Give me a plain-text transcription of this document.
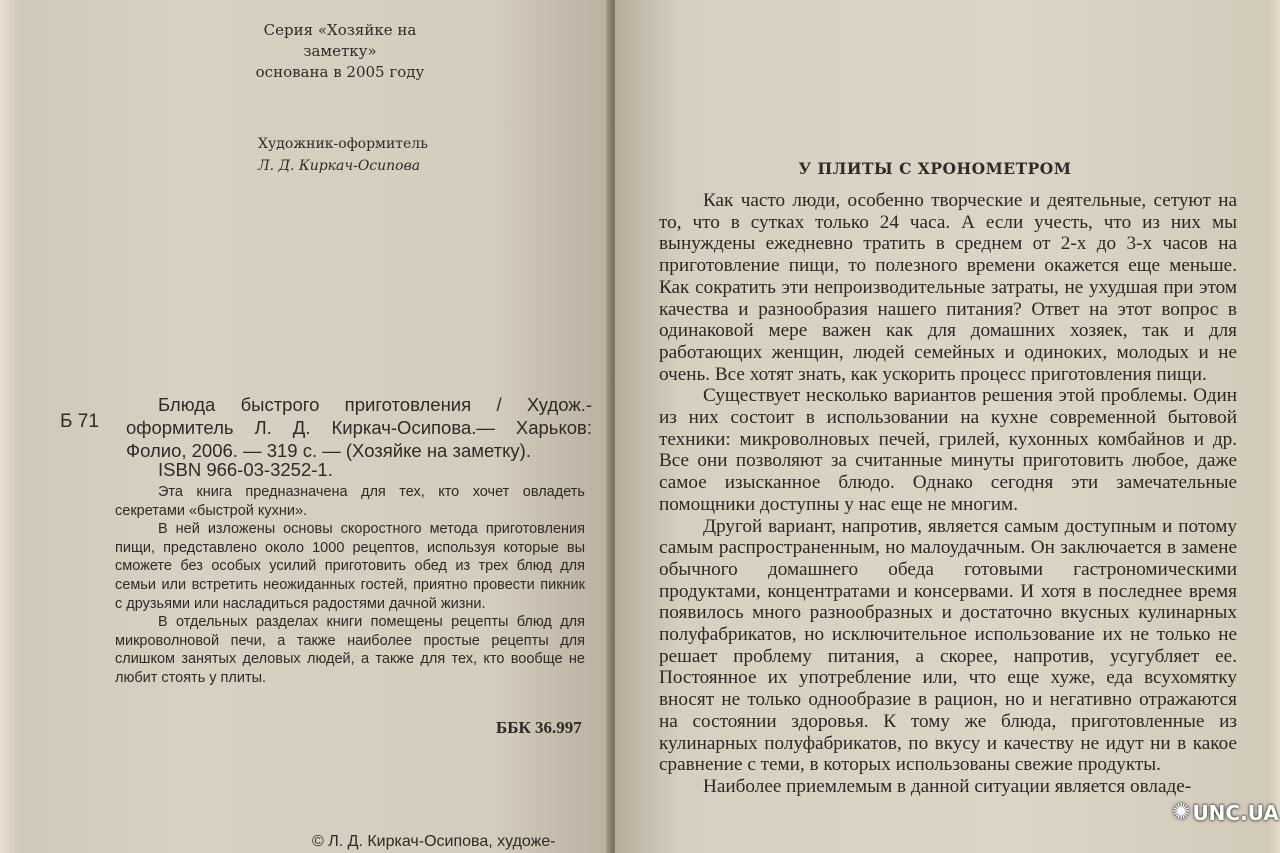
Серия «Хозяйке на заметку»
основана в 2005 году
Художник-оформитель
Л. Д. Киркач-Осипова
Б 71

Блюда быстрого приготовления / Худож.-оформитель Л. Д. Киркач-Осипова.— Харьков: Фолио, 2006. — 319 с. — (Хозяйке на заметку).

ISBN 966-03-3252-1.

Эта книга предназначена для тех, кто хочет овладеть секретами «быстрой кухни».

В ней изложены основы скоростного метода приготовления пищи, представлено около 1000 рецептов, используя которые вы сможете без особых усилий приготовить обед из трех блюд для семьи или встретить неожиданных гостей, приятно провести пикник с друзьями или насладиться радостями дачной жизни.

В отдельных разделах книги помещены рецепты блюд для микроволновой печи, а также наиболее простые рецепты для слишком занятых деловых людей, а также для тех, кто вообще не любит стоять у плиты.

ББК 36.997
© Л. Д. Киркач-Осипова, художе-
У ПЛИТЫ С ХРОНОМЕТРОМ

Как часто люди, особенно творческие и деятельные, сетуют на то, что в сутках только 24 часа. А если учесть, что из них мы вынуждены ежедневно тратить в среднем от 2-х до 3-х часов на приготовление пищи, то полезного времени окажется еще меньше. Как сократить эти непроизводительные затраты, не ухудшая при этом качества и разнообразия нашего питания? Ответ на этот вопрос в одинаковой мере важен как для домашних хозяек, так и для работающих женщин, людей семейных и одиноких, молодых и не очень. Все хотят знать, как ускорить процесс приготовления пищи.

Существует несколько вариантов решения этой проблемы. Один из них состоит в использовании на кухне современной бытовой техники: микроволновых печей, грилей, кухонных комбайнов и др. Все они позволяют за считанные минуты приготовить любое, даже самое изысканное блюдо. Однако сегодня эти замечательные помощники доступны у нас еще не многим.

Другой вариант, напротив, является самым доступным и потому самым распространенным, но малоудачным. Он заключается в замене обычного домашнего обеда готовыми гастрономическими продуктами, концентратами и консервами. И хотя в последнее время появилось много разнообразных и достаточно вкусных кулинарных полуфабрикатов, но исключительное использование их не только не решает проблему питания, а скорее, напротив, усугубляет ее. Постоянное их употребление или, что еще хуже, еда всухомятку вносят не только однообразие в рацион, но и негативно отражаются на состоянии здоровья. К тому же блюда, приготовленные из кулинарных полуфабрикатов, по вкусу и качеству не идут ни в какое сравнение с теми, в которых использованы свежие продукты.

Наиболее приемлемым в данной ситуации является овладе-

✺ UNC.UA
